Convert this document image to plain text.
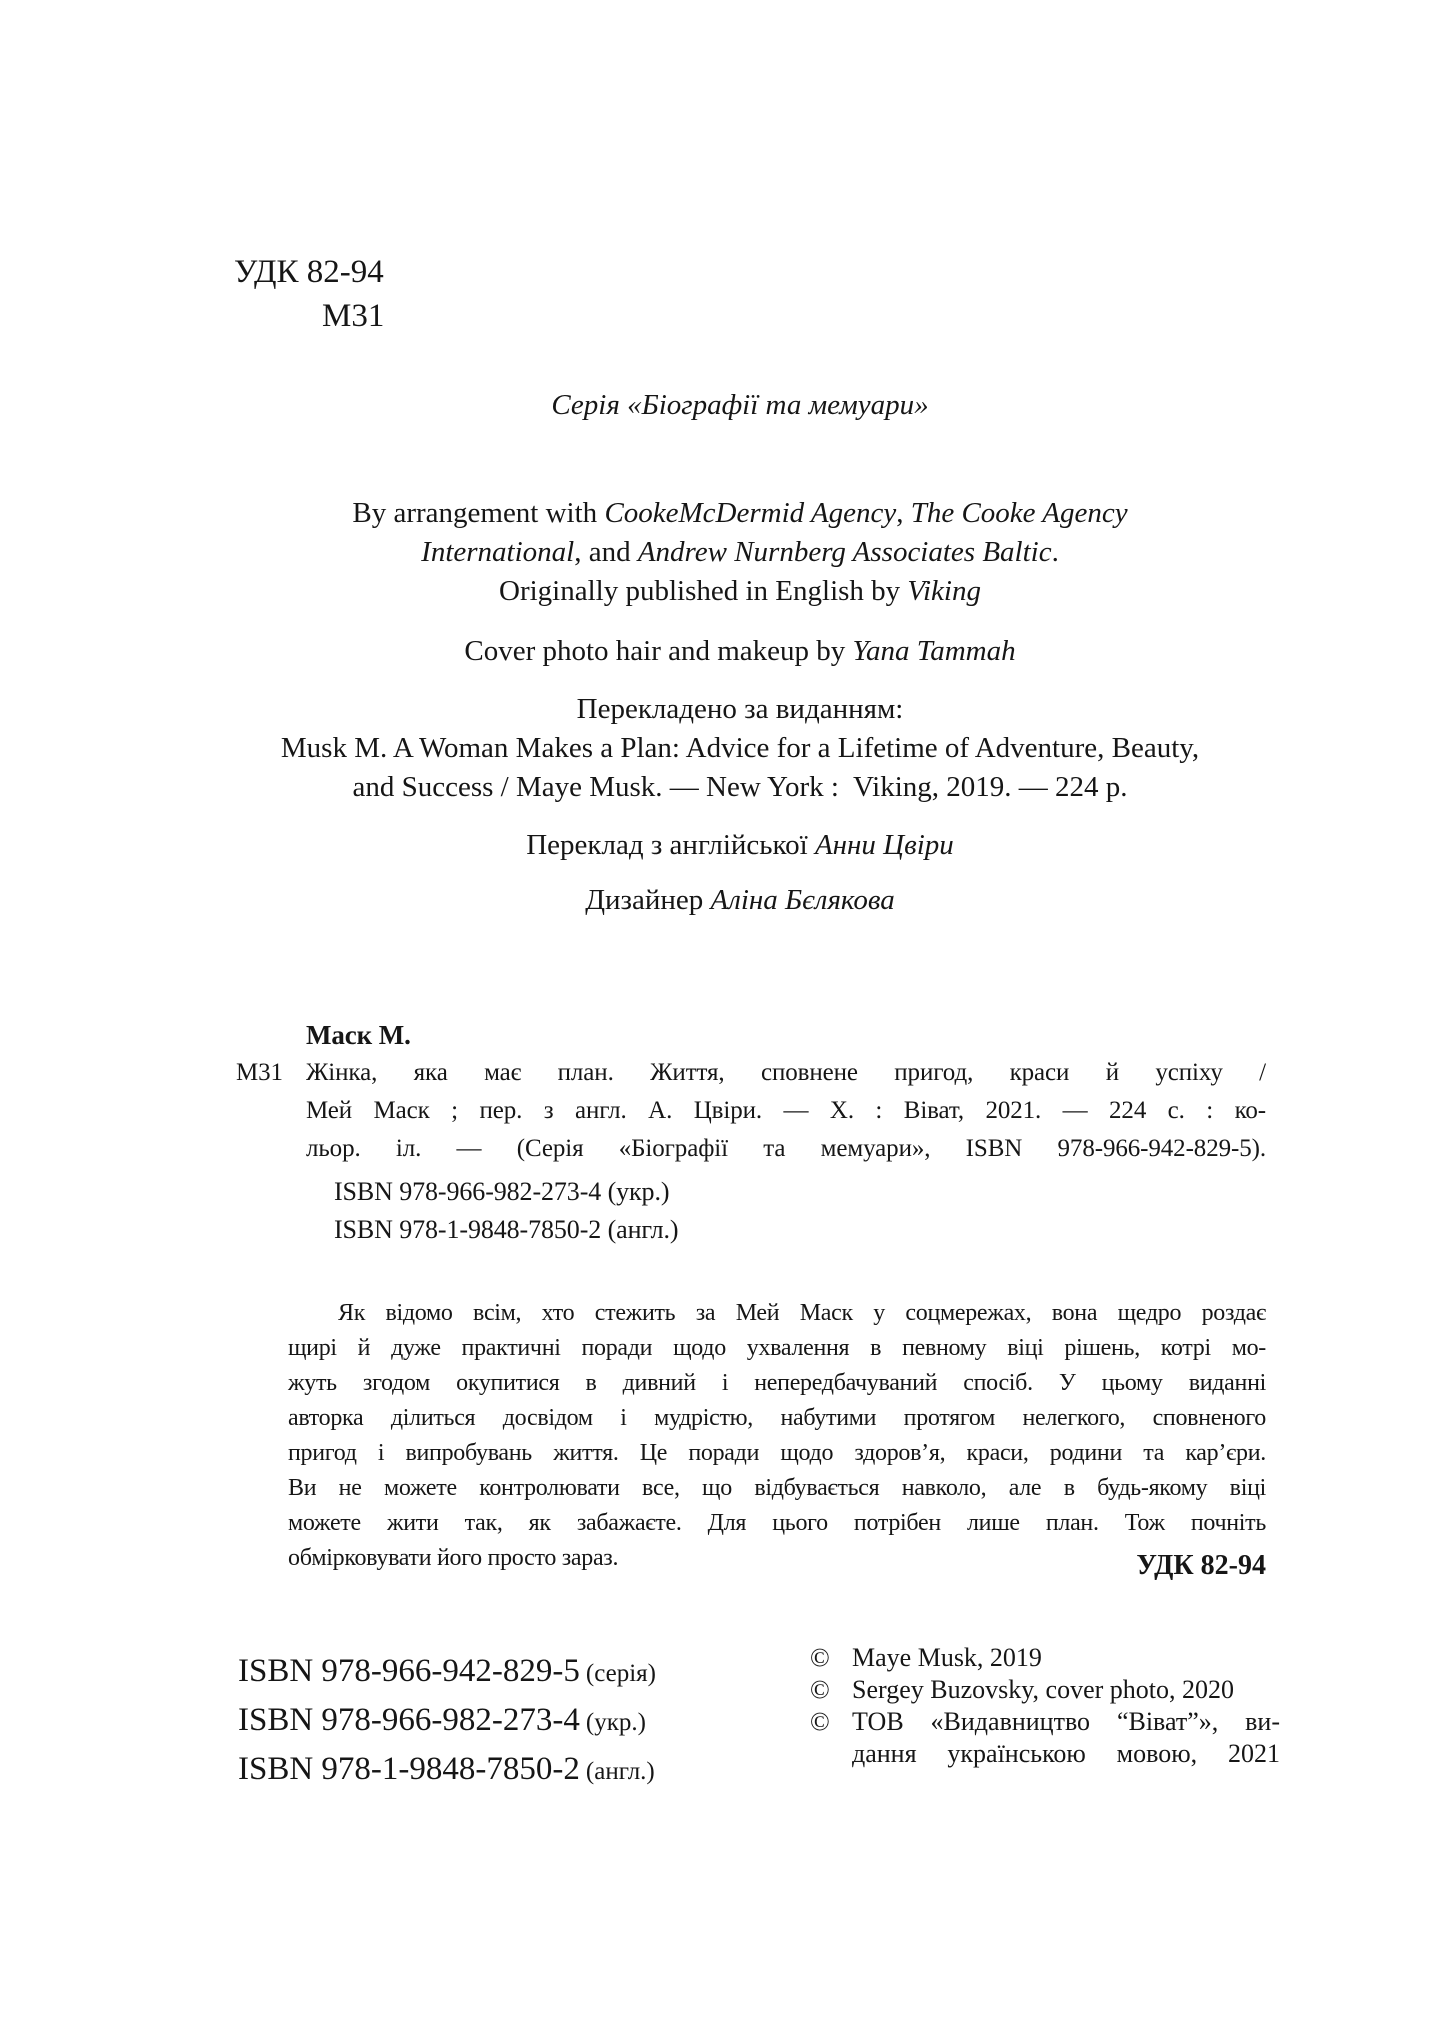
УДК 82-94
М31
Серія «Біографії та мемуари»
By arrangement with CookeMcDermid Agency, The Cooke Agency
International, and Andrew Nurnberg Associates Baltic.
Originally published in English by Viking
Cover photo hair and makeup by Yana Tammah
Перекладено за виданням:
Musk M. A Woman Makes a Plan: Advice for a Lifetime of Adventure, Beauty,
and Success / Maye Musk. — New York :  Viking, 2019. — 224 p.
Переклад з англійської Анни Цвіри
Дизайнер Аліна Бєлякова
Маск М.
М31 Жінка, яка має план. Життя, сповнене пригод, краси й успіху /
Мей Маск ; пер. з англ. А. Цвіри. — Х. : Віват, 2021. — 224 с. : ко-
льор. іл. — (Серія «Біографії та мемуари», ISBN 978-966-942-829-5).
ISBN 978-966-982-273-4 (укр.)
ISBN 978-1-9848-7850-2 (англ.)
Як відомо всім, хто стежить за Мей Маск у соцмережах, вона щедро роздає
щирі й дуже практичні поради щодо ухвалення в певному віці рішень, котрі мо-
жуть згодом окупитися в дивний і непередбачуваний спосіб. У цьому виданні
авторка ділиться досвідом і мудрістю, набутими протягом нелегкого, сповненого
пригод і випробувань життя. Це поради щодо здоров’я, краси, родини та кар’єри.
Ви не можете контролювати все, що відбувається навколо, але в будь-якому віці
можете жити так, як забажаєте. Для цього потрібен лише план. Тож почніть
обмірковувати його просто зараз.	УДК 82-94
ISBN 978-966-942-829-5 (серія)
ISBN 978-966-982-273-4 (укр.)
ISBN 978-1-9848-7850-2 (англ.)
© Maye Musk, 2019
© Sergey Buzovsky, cover photo, 2020
© ТОВ «Видавництво “Віват”», ви-
дання українською мовою, 2021
